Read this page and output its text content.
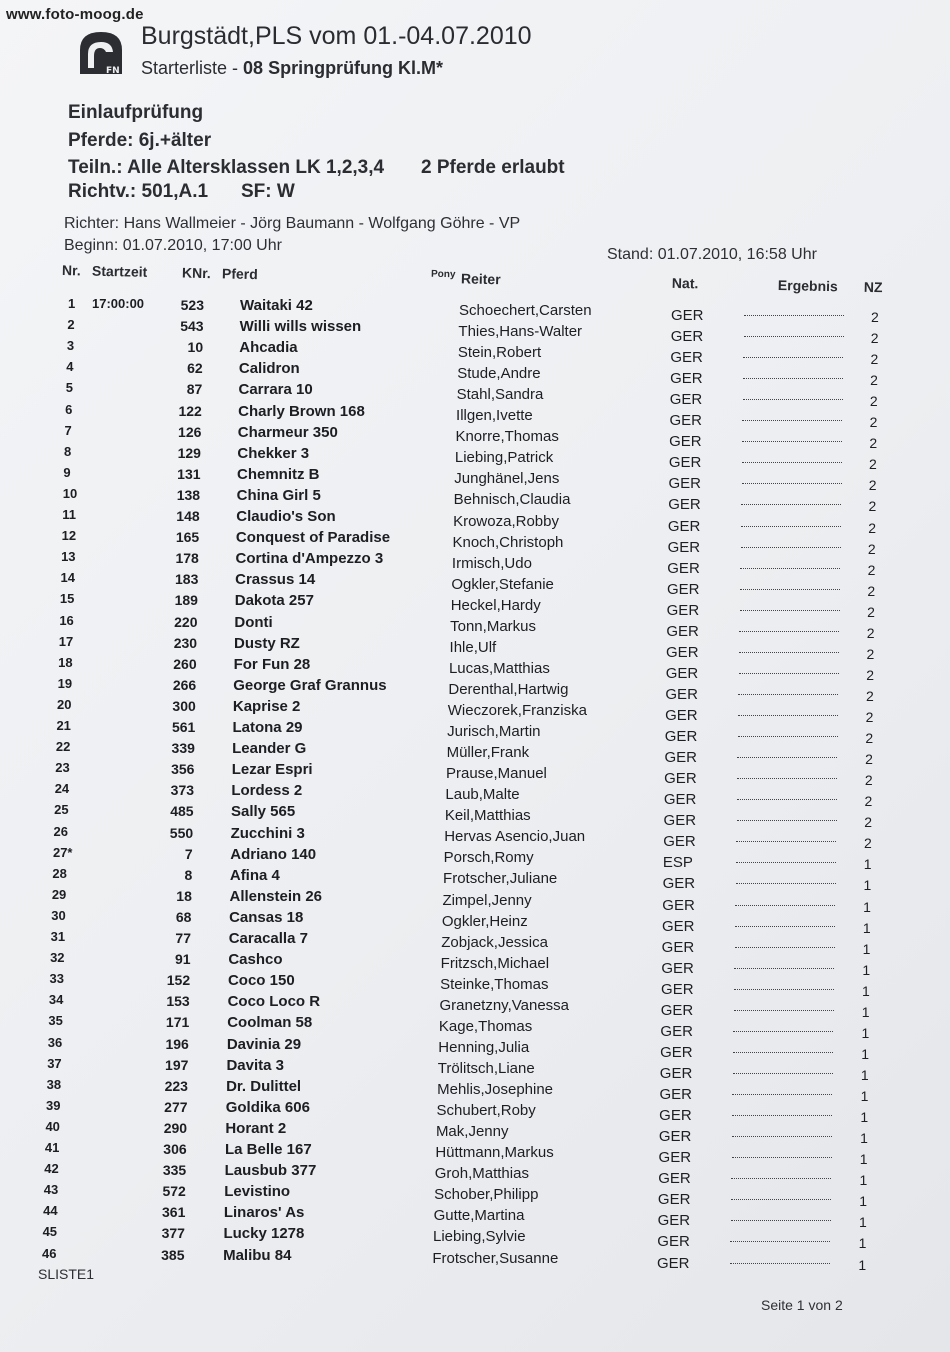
www.foto-moog.de
FN
Burgstädt,PLS vom 01.-04.07.2010
Starterliste - 08 Springprüfung Kl.M*
Einlaufprüfung
Pferde: 6j.+älter
Teiln.: Alle Altersklassen LK 1,2,3,4 2 Pferde erlaubt
Richtv.: 501,A.1 SF: W
Richter: Hans Wallmeier - Jörg Baumann - Wolfgang Göhre - VP
Beginn: 01.07.2010, 17:00 Uhr
Stand: 01.07.2010, 16:58 Uhr
Nr. Startzeit KNr. Pferd	Pony Reiter	Nat.	Ergebnis NZ
1 17:00:00	523 Waitaki 42	Schoechert,Carsten	GER	2
2	543 Willi wills wissen	Thies,Hans-Walter	GER	2
3	10 Ahcadia	Stein,Robert	GER	2
4	62 Calidron	Stude,Andre	GER	2
5	87 Carrara 10	Stahl,Sandra	GER	2
6	122 Charly Brown 168	Illgen,Ivette	GER	2
7	126 Charmeur 350	Knorre,Thomas	GER	2
8	129 Chekker 3	Liebing,Patrick	GER	2
9	131 Chemnitz B	Junghänel,Jens	GER	2
10	138 China Girl 5	Behnisch,Claudia	GER	2
11	148 Claudio's Son	Krowoza,Robby	GER	2
12	165 Conquest of Paradise	Knoch,Christoph	GER	2
13	178 Cortina d'Ampezzo 3	Irmisch,Udo	GER	2
14	183 Crassus 14	Ogkler,Stefanie	GER	2
15	189 Dakota 257	Heckel,Hardy	GER	2
16	220 Donti	Tonn,Markus	GER	2
17	230 Dusty RZ	Ihle,Ulf	GER	2
18	260 For Fun 28	Lucas,Matthias	GER	2
19	266 George Graf Grannus	Derenthal,Hartwig	GER	2
20	300 Kaprise 2	Wieczorek,Franziska	GER	2
21	561 Latona 29	Jurisch,Martin	GER	2
22	339 Leander G	Müller,Frank	GER	2
23	356 Lezar Espri	Prause,Manuel	GER	2
24	373 Lordess 2	Laub,Malte	GER	2
25	485 Sally 565	Keil,Matthias	GER	2
26	550 Zucchini 3	Hervas Asencio,Juan	GER	2
27*	7	Adriano 140	Porsch,Romy	ESP	1
28	8	Afina 4	Frotscher,Juliane	GER	1
29	18	Allenstein 26	Zimpel,Jenny	GER	1
30	68	Cansas 18	Ogkler,Heinz	GER	1
31	77	Caracalla 7	Zobjack,Jessica	GER	1
32	91	Cashco	Fritzsch,Michael	GER	1
33	152	Coco 150	Steinke,Thomas	GER	1
34	153	Coco Loco R	Granetzny,Vanessa	GER	1
35	171	Coolman 58	Kage,Thomas	GER	1
36	196	Davinia 29	Henning,Julia	GER	1
37	197	Davita 3	Trölitsch,Liane	GER	1
38	223	Dr. Dulittel	Mehlis,Josephine	GER	1
39	277	Goldika 606	Schubert,Roby	GER	1
40	290	Horant 2	Mak,Jenny	GER	1
41	306	La Belle 167	Hüttmann,Markus	GER	1
42	335	Lausbub 377	Groh,Matthias	GER	1
43	572	Levistino	Schober,Philipp	GER	1
44	361	Linaros' As	Gutte,Martina	GER	1
45	377	Lucky 1278	Liebing,Sylvie	GER	1
46	385	Malibu 84	Frotscher,Susanne	GER	1
SLISTE1
Seite 1 von 2
